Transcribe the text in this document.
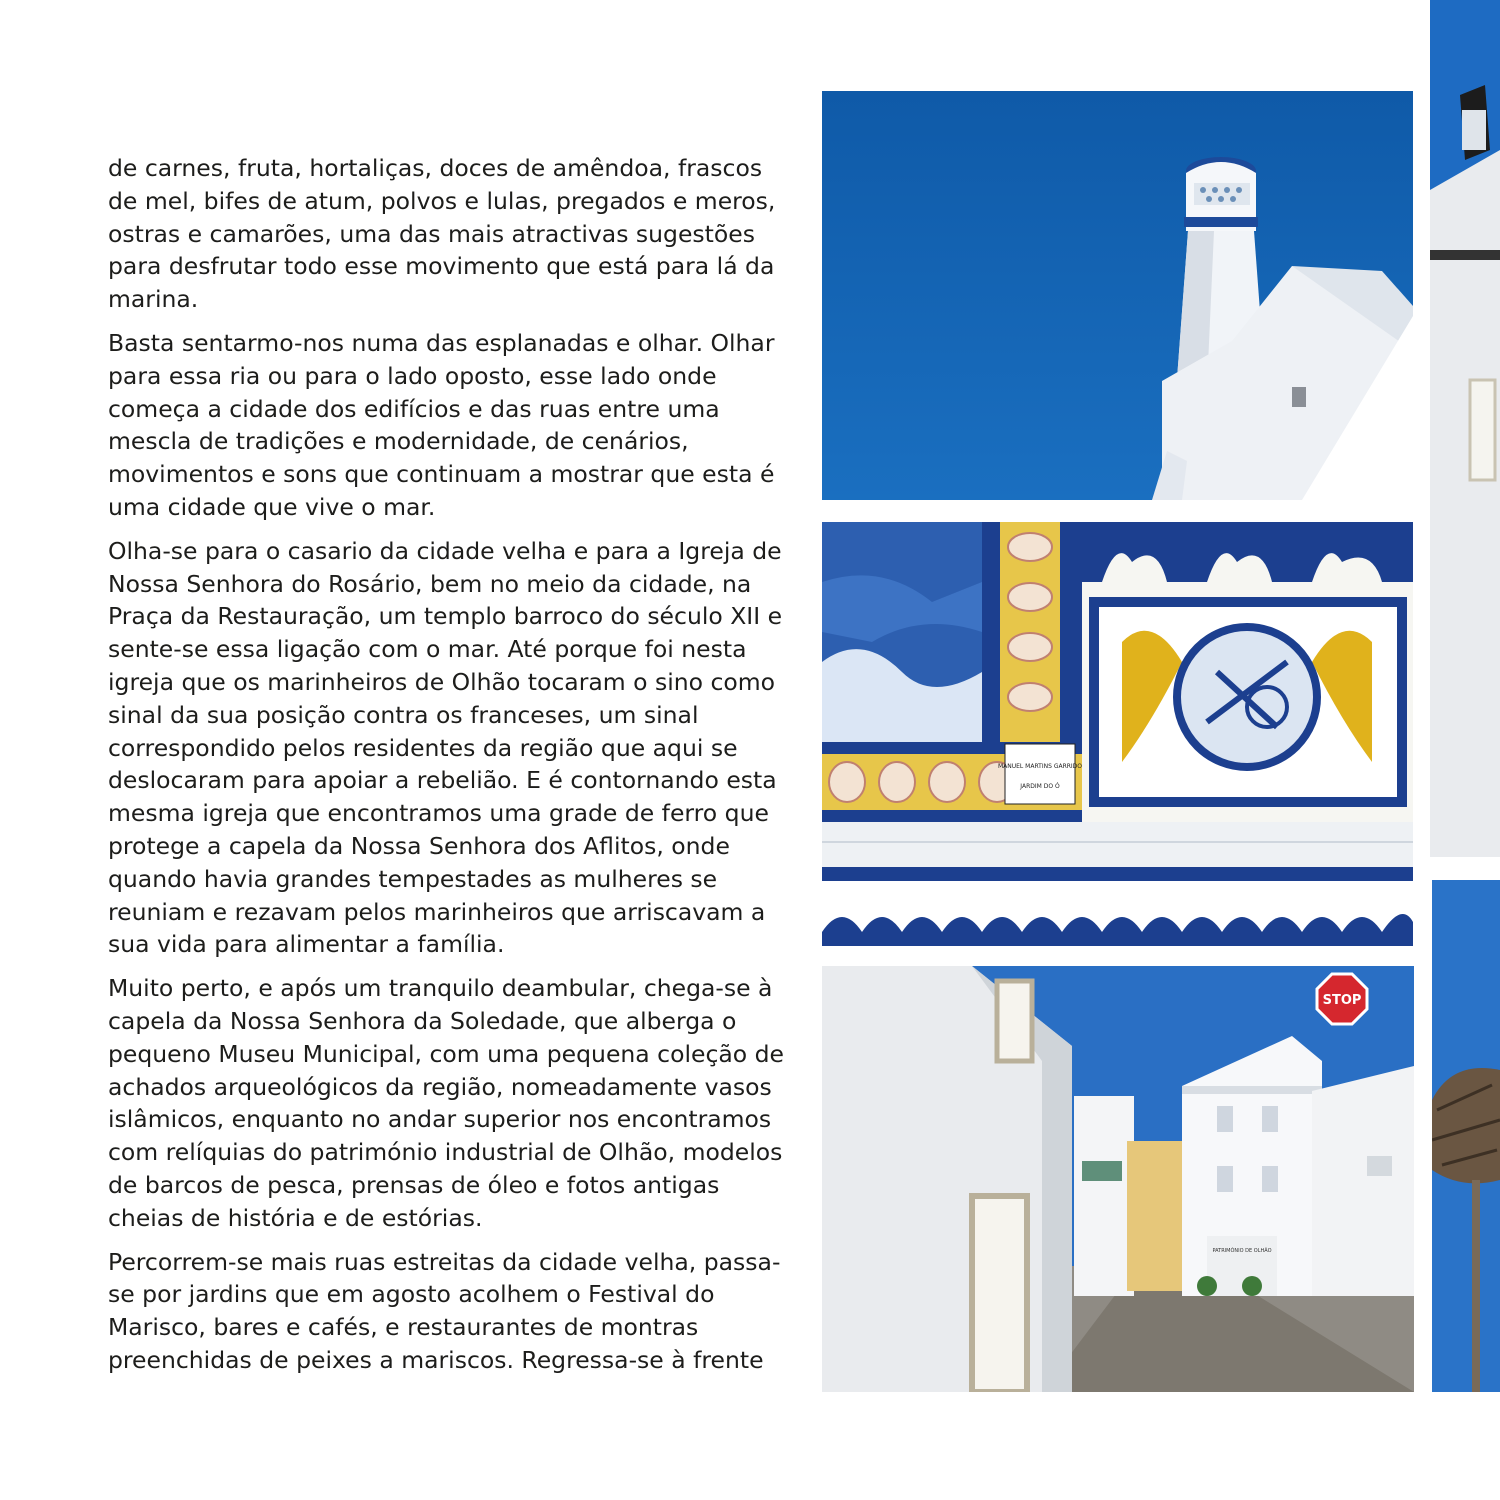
de carnes, fruta, hortaliças, doces de amêndoa, frascos de mel, bifes de atum, polvos e lulas, pregados e meros, ostras e camarões, uma das mais atractivas sugestões para desfrutar todo esse movimento que está para lá da marina.

Basta sentarmo-nos numa das esplanadas e olhar. Olhar para essa ria ou para o lado oposto, esse lado onde começa a cidade dos edifícios e das ruas entre uma mescla de tradições e modernidade, de cenários, movimentos e sons que continuam a mostrar que esta é uma cidade que vive o mar.

Olha-se para o casario da cidade velha e para a Igreja de Nossa Senhora do Rosário, bem no meio da cidade, na Praça da Restauração, um templo barroco do século XII e sente-se essa ligação com o mar. Até porque foi nesta igreja que os marinheiros de Olhão tocaram o sino como sinal da sua posição contra os franceses, um sinal correspondido pelos residentes da região que aqui se deslocaram para apoiar a rebelião. E é contornando esta mesma igreja que encontramos uma grade de ferro que protege a capela da Nossa Senhora dos Aflitos, onde quando havia grandes tempestades as mulheres se reuniam e rezavam pelos marinheiros que arriscavam a sua vida para alimentar a família.

Muito perto, e após um tranquilo deambular, chega-se à capela da Nossa Senhora da Soledade, que alberga o pequeno Museu Municipal, com uma pequena coleção de achados arqueológicos da região, nomeadamente vasos islâmicos, enquanto no andar superior nos encontramos com relíquias do património industrial de Olhão, modelos de barcos de pesca, prensas de óleo e fotos antigas cheias de história e de estórias.

Percorrem-se mais ruas estreitas da cidade velha, passa-se por jardins que em agosto acolhem o Festival do Marisco, bares e cafés, e restaurantes de montras preenchidas de peixes a mariscos. Regressa-se à frente

MANUEL MARTINS GARRIDO
JARDIM DO Ó
PATRIMÓNIO DE OLHÃO
STOP
